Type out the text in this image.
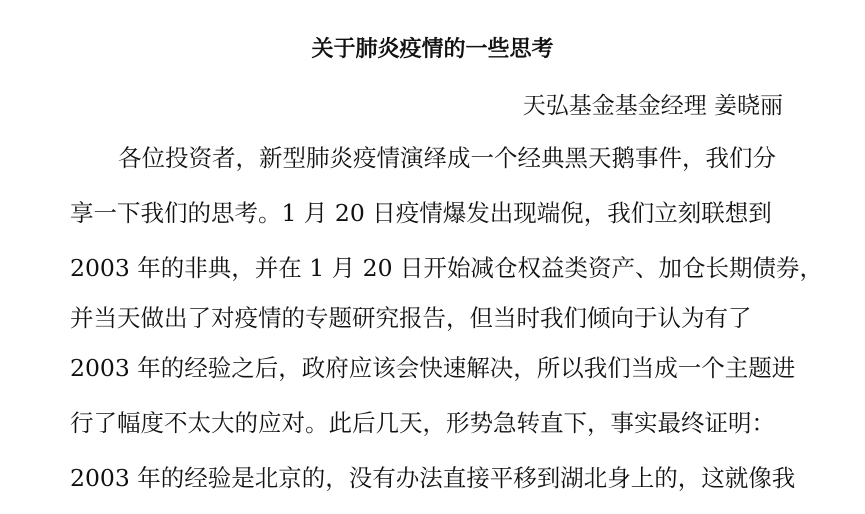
关于肺炎疫情的一些思考
天弘基金基金经理 姜晓丽
各位投资者，新型肺炎疫情演绎成一个经典黑天鹅事件，我们分
享一下我们的思考。1 月 20 日疫情爆发出现端倪，我们立刻联想到
2003 年的非典，并在 1 月 20 日开始减仓权益类资产、加仓长期债券，
并当天做出了对疫情的专题研究报告，但当时我们倾向于认为有了
2003 年的经验之后，政府应该会快速解决，所以我们当成一个主题进
行了幅度不太大的应对。此后几天，形势急转直下，事实最终证明：
2003 年的经验是北京的，没有办法直接平移到湖北身上的，这就像我
